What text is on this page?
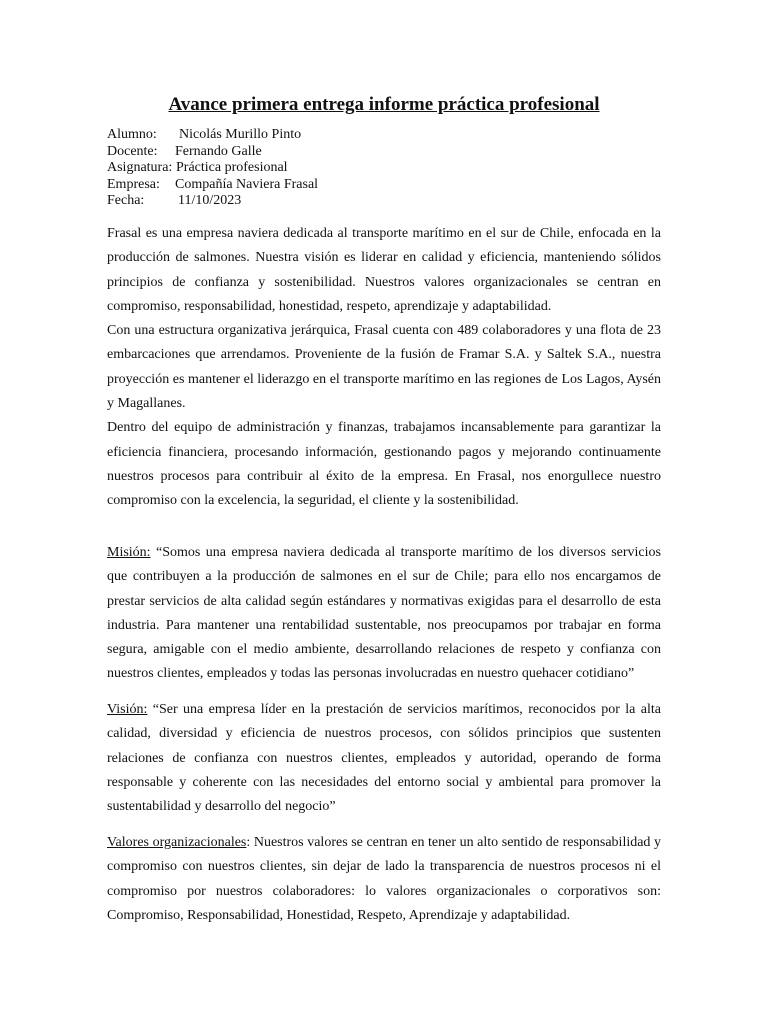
Avance primera entrega informe práctica profesional
Alumno:	Nicolás Murillo Pinto
Docente:	Fernando Galle
Asignatura: Práctica profesional
Empresa:	Compañía Naviera Frasal
Fecha:	11/10/2023

Frasal es una empresa naviera dedicada al transporte marítimo en el sur de Chile, enfocada en la producción de salmones. Nuestra visión es liderar en calidad y eficiencia, manteniendo sólidos principios de confianza y sostenibilidad. Nuestros valores organizacionales se centran en compromiso, responsabilidad, honestidad, respeto, aprendizaje y adaptabilidad.

Con una estructura organizativa jerárquica, Frasal cuenta con 489 colaboradores y una flota de 23 embarcaciones que arrendamos. Proveniente de la fusión de Framar S.A. y Saltek S.A., nuestra proyección es mantener el liderazgo en el transporte marítimo en las regiones de Los Lagos, Aysén y Magallanes.

Dentro del equipo de administración y finanzas, trabajamos incansablemente para garantizar la eficiencia financiera, procesando información, gestionando pagos y mejorando continuamente nuestros procesos para contribuir al éxito de la empresa. En Frasal, nos enorgullece nuestro compromiso con la excelencia, la seguridad, el cliente y la sostenibilidad.

Misión: “Somos una empresa naviera dedicada al transporte marítimo de los diversos servicios que contribuyen a la producción de salmones en el sur de Chile; para ello nos encargamos de prestar servicios de alta calidad según estándares y normativas exigidas para el desarrollo de esta industria. Para mantener una rentabilidad sustentable, nos preocupamos por trabajar en forma segura, amigable con el medio ambiente, desarrollando relaciones de respeto y confianza con nuestros clientes, empleados y todas las personas involucradas en nuestro quehacer cotidiano”

Visión: “Ser una empresa líder en la prestación de servicios marítimos, reconocidos por la alta calidad, diversidad y eficiencia de nuestros procesos, con sólidos principios que sustenten relaciones de confianza con nuestros clientes, empleados y autoridad, operando de forma responsable y coherente con las necesidades del entorno social y ambiental para promover la sustentabilidad y desarrollo del negocio”

Valores organizacionales: Nuestros valores se centran en tener un alto sentido de responsabilidad y compromiso con nuestros clientes, sin dejar de lado la transparencia de nuestros procesos ni el compromiso por nuestros colaboradores: lo valores organizacionales o corporativos son: Compromiso, Responsabilidad, Honestidad, Respeto, Aprendizaje y adaptabilidad.
